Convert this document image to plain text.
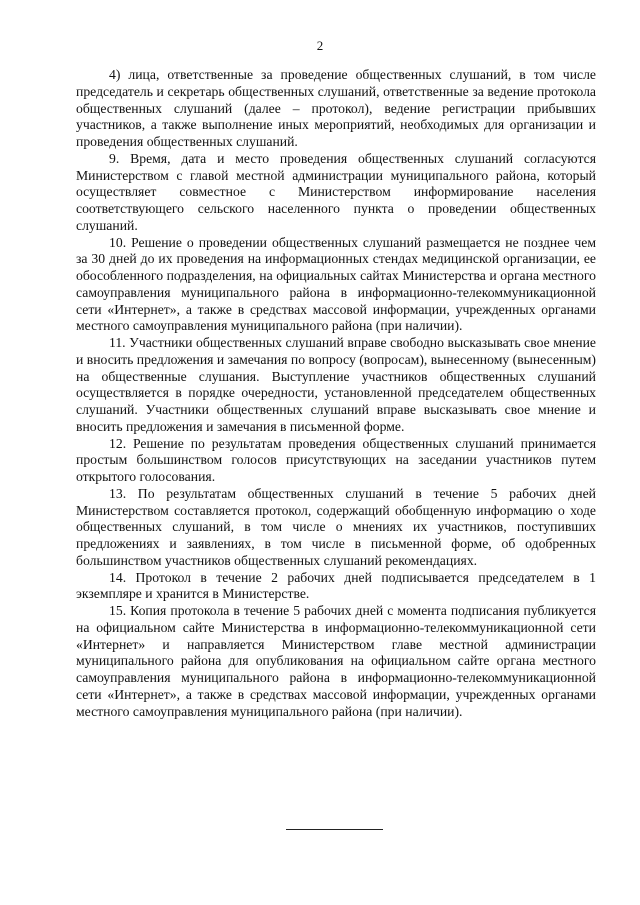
2

4) лица, ответственные за проведение общественных слушаний, в том числе председатель и секретарь общественных слушаний, ответственные за ведение протокола общественных слушаний (далее – протокол), ведение регистрации прибывших участников, а также выполнение иных мероприятий, необходимых для организации и проведения общественных слушаний.

9. Время, дата и место проведения общественных слушаний согласуются Министерством с главой местной администрации муниципального района, который осуществляет совместное с Министерством информирование населения соответствующего сельского населенного пункта о проведении общественных слушаний.

10. Решение о проведении общественных слушаний размещается не позднее чем за 30 дней до их проведения на информационных стендах медицинской организации, ее обособленного подразделения, на официальных сайтах Министерства и органа местного самоуправления муниципального района в информационно-телекоммуникационной сети «Интернет», а также в средствах массовой информации, учрежденных органами местного самоуправления муниципального района (при наличии).

11. Участники общественных слушаний вправе свободно высказывать свое мнение и вносить предложения и замечания по вопросу (вопросам), вынесенному (вынесенным) на общественные слушания. Выступление участников общественных слушаний осуществляется в порядке очередности, установленной председателем общественных слушаний. Участники общественных слушаний вправе высказывать свое мнение и вносить предложения и замечания в письменной форме.

12. Решение по результатам проведения общественных слушаний принимается простым большинством голосов присутствующих на заседании участников путем открытого голосования.

13. По результатам общественных слушаний в течение 5 рабочих дней Министерством составляется протокол, содержащий обобщенную информацию о ходе общественных слушаний, в том числе о мнениях их участников, поступивших предложениях и заявлениях, в том числе в письменной форме, об одобренных большинством участников общественных слушаний рекомендациях.

14. Протокол в течение 2 рабочих дней подписывается председателем в 1 экземпляре и хранится в Министерстве.

15. Копия протокола в течение 5 рабочих дней с момента подписания публикуется на официальном сайте Министерства в информационно-телекоммуникационной сети «Интернет» и направляется Министерством главе местной администрации муниципального района для опубликования на официальном сайте органа местного самоуправления муниципального района в информационно-телекоммуникационной сети «Интернет», а также в средствах массовой информации, учрежденных органами местного самоуправления муниципального района (при наличии).
